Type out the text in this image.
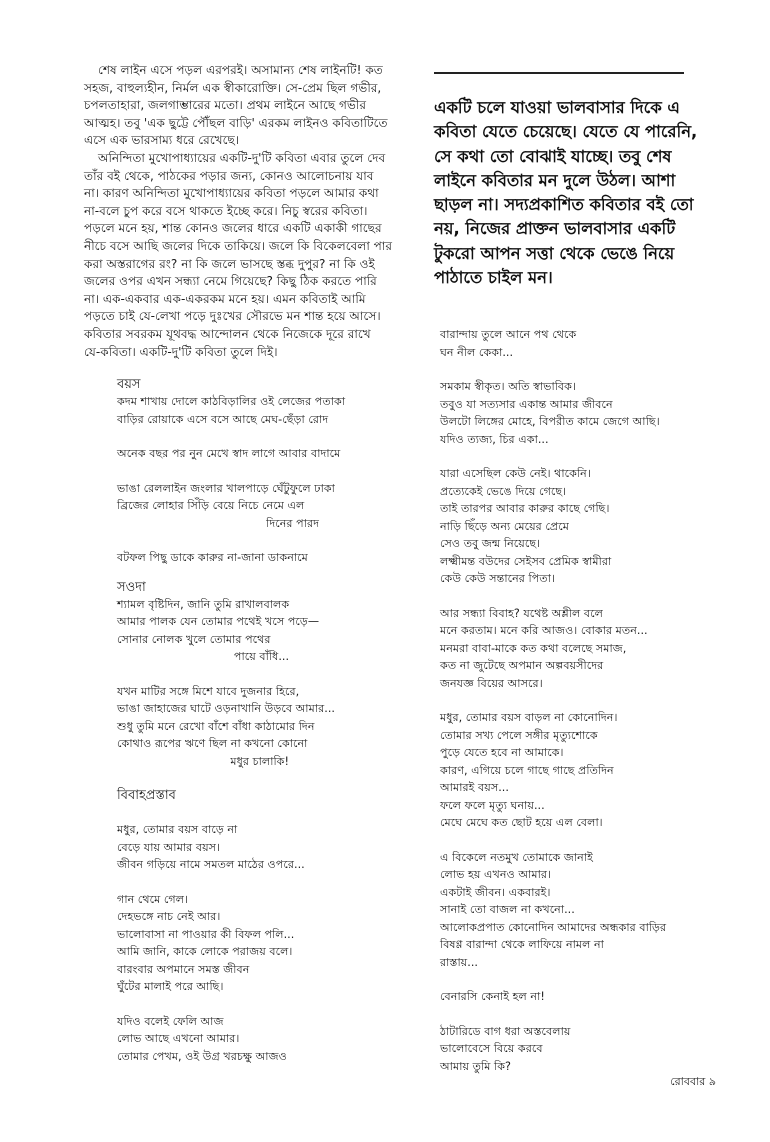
শেষ লাইন এসে পড়ল এরপরই। অসামান্য শেষ লাইনটি! কত
সহজ, বাহুল্যহীন, নির্মল এক স্বীকারোক্তি। সে-প্রেম ছিল গভীর,
চপলতাহারা, জলগাম্ভারের মতো। প্রথম লাইনে আছে গভীর
আত্মহ। তবু 'এক ছুট্টে পৌঁছল বাড়ি' এরকম লাইনও কবিতাটিতে
এসে এক ভারসাম্য ধরে রেখেছে।
অনিন্দিতা মুখোপাধ্যায়ের একটি-দু'টি কবিতা এবার তুলে দেব
তাঁর বই থেকে, পাঠকের পড়ার জন্য, কোনও আলোচনায় যাব
না। কারণ অনিন্দিতা মুখোপাধ্যায়ের কবিতা পড়লে আমার কথা
না-বলে চুপ করে বসে থাকতে ইচ্ছে করে। নিচু স্বরের কবিতা।
পড়লে মনে হয়, শান্ত কোনও জলের ধারে একটি একাকী গাছের
নীচে বসে আছি জলের দিকে তাকিয়ে। জলে কি বিকেলবেলা পার
করা অস্তরাগের রং? না কি জলে ভাসছে স্তব্ধ দুপুর? না কি ওই
জলের ওপর এখন সন্ধ্যা নেমে গিয়েছে? কিছু ঠিক করতে পারি
না। এক-একবার এক-একরকম মনে হয়। এমন কবিতাই আমি
পড়তে চাই যে-লেখা পড়ে দুঃখের সৌরভে মন শান্ত হয়ে আসে।
কবিতার সবরকম যূথবদ্ধ আন্দোলন থেকে নিজেকে দূরে রাখে
যে-কবিতা। একটি-দু'টি কবিতা তুলে দিই।
বয়স
কদম শাখায় দোলে কাঠবিড়ালির ওই লেজের পতাকা
বাড়ির রোয়াকে এসে বসে আছে মেঘ-ছেঁড়া রোদ
অনেক বছর পর নুন মেখে স্বাদ লাগে আবার বাদামে
ভাঙা রেললাইন জংলার খালপাড়ে ঘেঁটুফুলে ঢাকা
ব্রিজের লোহার সিঁড়ি বেয়ে নিচে নেমে এল
দিনের পারদ
বটফল পিছু ডাকে কারুর না-জানা ডাকনামে
সওদা
শ্যামল বৃষ্টিদিন, জানি তুমি রাখালবালক
আমার পালক যেন তোমার পথেই খসে পড়ে—
সোনার নোলক খুলে তোমার পথের
পায়ে বাঁধি...
যখন মাটির সঙ্গে মিশে যাবে দুজনার হিরে,
ভাঙা জাহাজের ঘাটে ওড়নাখানি উড়বে আমার...
শুধু তুমি মনে রেখো বাঁশে বাঁধা কাঠামোর দিন
কোথাও রূপের ঋণে ছিল না কখনো কোনো
মধুর চালাকি!
বিবাহপ্রস্তাব
মধুর, তোমার বয়স বাড়ে না
বেড়ে যায় আমার বয়স।
জীবন গড়িয়ে নামে সমতল মাঠের ওপরে...
গান থেমে গেল।
দেহভঙ্গে নাচ নেই আর।
ভালোবাসা না পাওয়ার কী বিফল পলি...
আমি জানি, কাকে লোকে পরাজয় বলে।
বারংবার অপমানে সমস্ত জীবন
ঘুঁটের মালাই পরে আছি।
যদিও বলেই ফেলি আজ
লোভ আছে এখনো আমার।
তোমার পেখম, ওই উগ্র খরচক্ষু আজও
একটি চলে যাওয়া ভালবাসার দিকে এ
কবিতা যেতে চেয়েছে। যেতে যে পারেনি,
সে কথা তো বোঝাই যাচ্ছে। তবু শেষ
লাইনে কবিতার মন দুলে উঠল। আশা
ছাড়ল না। সদ্যপ্রকাশিত কবিতার বই তো
নয়, নিজের প্রাক্তন ভালবাসার একটি
টুকরো আপন সত্তা থেকে ভেঙে নিয়ে
পাঠাতে চাইল মন।
বারান্দায় তুলে আনে পথ থেকে
ঘন নীল কেকা...
সমকাম স্বীকৃত। অতি স্বাভাবিক।
তবুও যা সত্যসার একান্ত আমার জীবনে
উলটো লিঙ্গের মোহে, বিপরীত কামে জেগে আছি।
যদিও ত্যজ্য, চির একা...
যারা এসেছিল কেউ নেই। থাকেনি।
প্রত্যেকেই ভেঙে দিয়ে গেছে।
তাই তারপর আবার কারুর কাছে গেছি।
নাড়ি ছিঁড়ে অন্য মেয়ের প্রেমে
সেও তবু জন্ম নিয়েছে।
লক্ষ্মীমন্ত বউদের সেইসব প্রেমিক স্বামীরা
কেউ কেউ সন্তানের পিতা।
আর সন্ধ্যা বিবাহ? যথেষ্ট অশ্লীল বলে
মনে করতাম। মনে করি আজও। বোকার মতন...
মনমরা বাবা-মাকে কত কথা বলেছে সমাজ,
কত না জুটেছে অপমান অল্পবয়সীদের
জনযজ্ঞ বিয়ের আসরে।
মধুর, তোমার বয়স বাড়ল না কোনোদিন।
তোমার সখ্য পেলে সঙ্গীর মৃত্যুশোকে
পুড়ে যেতে হবে না আমাকে।
কারণ, এগিয়ে চলে গাছে গাছে প্রতিদিন
আমারই বয়স...
ফলে ফলে মৃত্যু ঘনায়...
মেঘে মেঘে কত ছোট হয়ে এল বেলা।
এ বিকেলে নতমুখ তোমাকে জানাই
লোভ হয় এখনও আমার।
একটাই জীবন। একবারই।
সানাই তো বাজল না কখনো...
আলোকপ্রপাত কোনোদিন আমাদের অন্ধকার বাড়ির
বিষণ্ণ বারান্দা থেকে লাফিয়ে নামল না
রাস্তায়...
বেনারসি কেনাই হল না!
ঠাটারিডে বাগ ধরা অস্তবেলায়
ভালোবেসে বিয়ে করবে
আমায় তুমি কি?
রোববার ৯
